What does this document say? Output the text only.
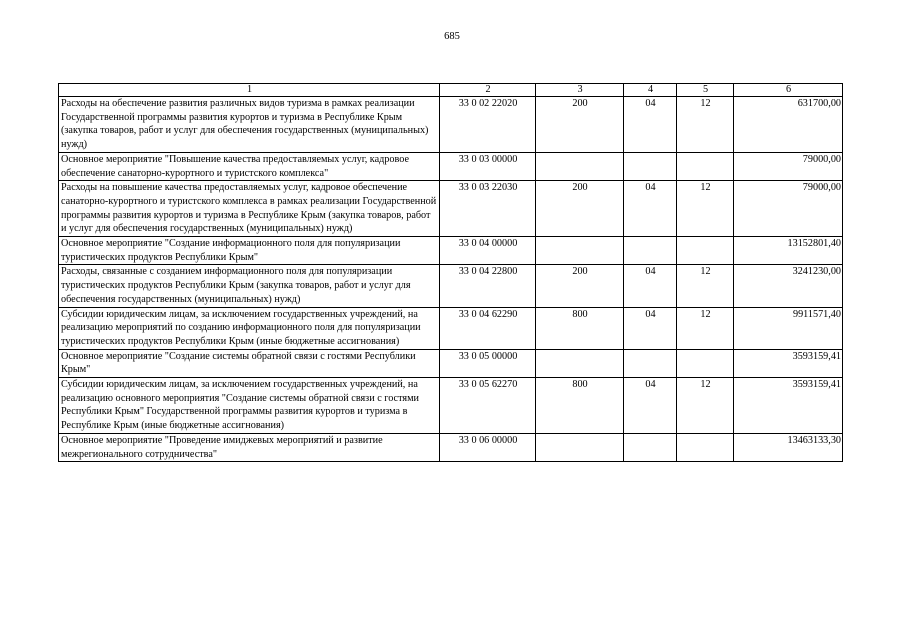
685
1	2	3	4	5	6
Расходы на обеспечение развития различных видов туризма в рамках реализации Государственной программы развития курортов и туризма в Республике Крым (закупка товаров, работ и услуг для обеспечения государственных (муниципальных) нужд)	33 0 02 22020	200	04	12	631700,00
Основное мероприятие "Повышение качества предоставляемых услуг, кадровое обеспечение санаторно-курортного и туристского комплекса"	33 0 03 00000				79000,00
Расходы на повышение качества предоставляемых услуг, кадровое обеспечение санаторно-курортного и туристского комплекса в рамках реализации Государственной программы развития курортов и туризма в Республике Крым (закупка товаров, работ и услуг для обеспечения государственных (муниципальных) нужд)	33 0 03 22030	200	04	12	79000,00
Основное мероприятие "Создание информационного поля для популяризации туристических продуктов Республики Крым"	33 0 04 00000				13152801,40
Расходы, связанные с созданием информационного поля для популяризации туристических продуктов Республики Крым (закупка товаров, работ и услуг для обеспечения государственных (муниципальных) нужд)	33 0 04 22800	200	04	12	3241230,00
Субсидии юридическим лицам, за исключением государственных учреждений, на реализацию мероприятий по созданию информационного поля для популяризации туристических продуктов Республики Крым (иные бюджетные ассигнования)	33 0 04 62290	800	04	12	9911571,40
Основное мероприятие "Создание системы обратной связи с гостями Республики Крым"	33 0 05 00000				3593159,41
Субсидии юридическим лицам, за исключением государственных учреждений, на реализацию основного мероприятия "Создание системы обратной связи с гостями Республики Крым" Государственной программы развития курортов и туризма в Республике Крым (иные бюджетные ассигнования)	33 0 05 62270	800	04	12	3593159,41
Основное мероприятие "Проведение имиджевых мероприятий и развитие межрегионального сотрудничества"	33 0 06 00000				13463133,30
